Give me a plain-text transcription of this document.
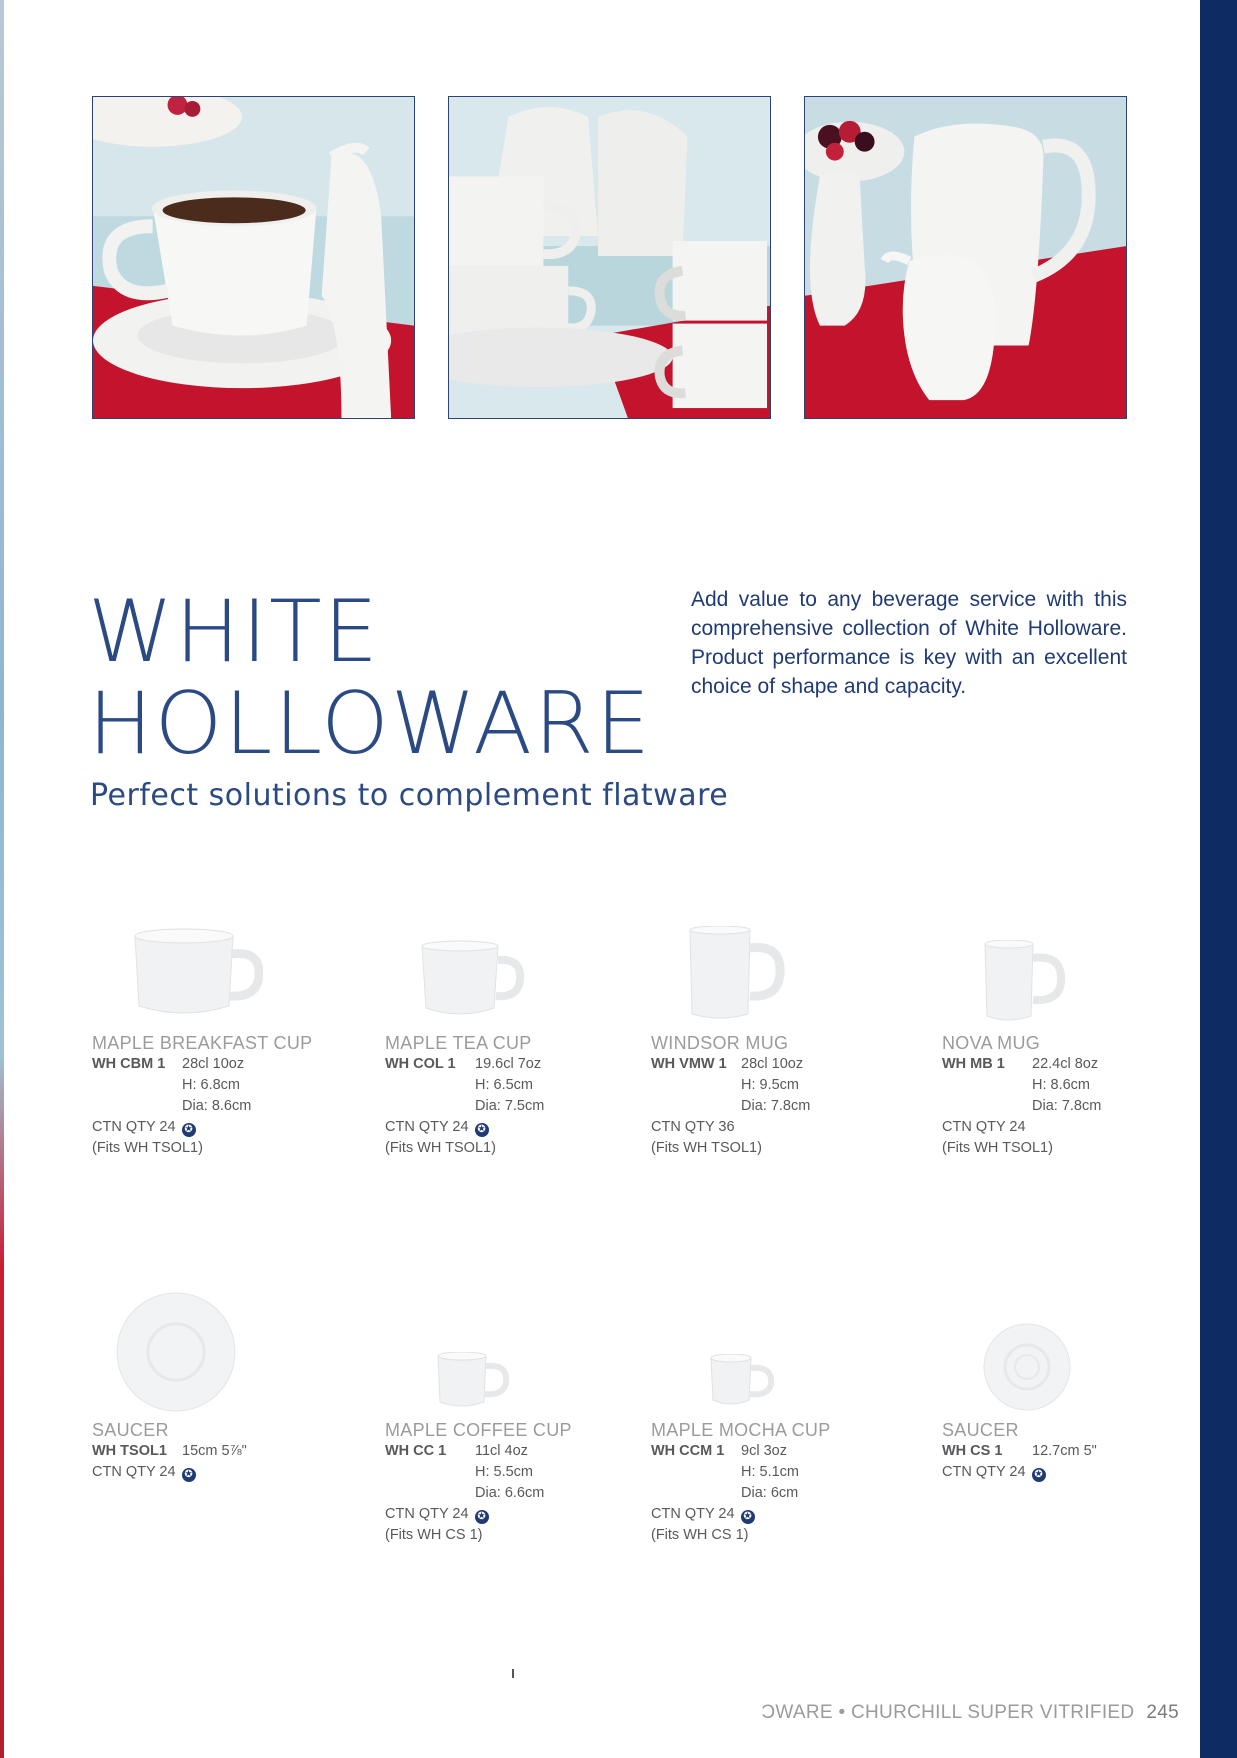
WHITE
HOLLOWARE
Perfect solutions to complement flatware
Add value to any beverage service with this comprehensive collection of White Holloware. Product performance is key with an excellent choice of shape and capacity.
MAPLE BREAKFAST CUP
WH CBM 1	28cl 10oz
H: 6.8cm
Dia: 8.6cm
CTN QTY 24 ✪
(Fits WH TSOL1)
MAPLE TEA CUP
WH COL 1	19.6cl 7oz
H: 6.5cm
Dia: 7.5cm
CTN QTY 24 ✪
(Fits WH TSOL1)
WINDSOR MUG
WH VMW 1 28cl 10oz
H: 9.5cm
Dia: 7.8cm
CTN QTY 36
(Fits WH TSOL1)
NOVA MUG
WH MB 1	22.4cl 8oz
H: 8.6cm
Dia: 7.8cm
CTN QTY 24
(Fits WH TSOL1)
SAUCER
WH TSOL1	15cm 5⅞"
CTN QTY 24 ✪
MAPLE COFFEE CUP
WH CC 1	11cl 4oz
H: 5.5cm
Dia: 6.6cm
CTN QTY 24 ✪
(Fits WH CS 1)
MAPLE MOCHA CUP
WH CCM 1	9cl 3oz
H: 5.1cm
Dia: 6cm
CTN QTY 24 ✪
(Fits WH CS 1)
SAUCER
WH CS 1	12.7cm 5"
CTN QTY 24 ✪
ƆWARE • CHURCHILL SUPER VITRIFIED 245
